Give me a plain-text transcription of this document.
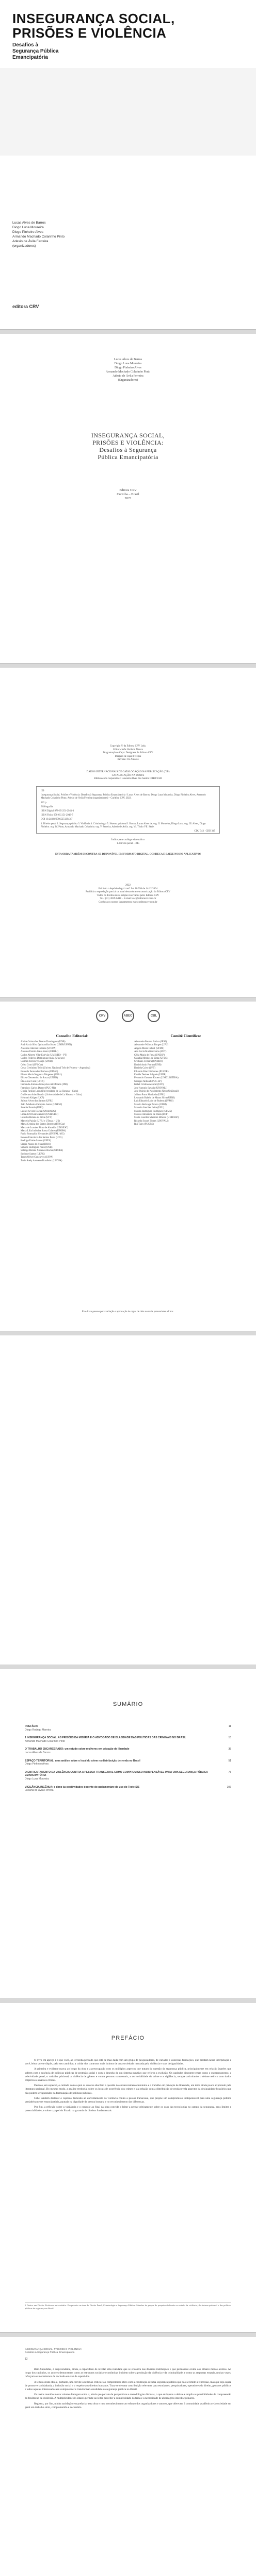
INSEGURANÇA SOCIAL,
PRISÕES E VIOLÊNCIA
Desafios à
Segurança Pública
Emancipatória
Lucas Alves de Barros
Diogo Luna Moureira
Diogo Pinheiro Alves
Armando Machado Colarinho Pinto
Adesio de Ávila Ferreira
(organizadores)
editora CRV
Lucas Alves de Barros
Diogo Luna Moureira
Diogo Pinheiro Alves
Armando Machado Colarinho Pinto
Adesio de Ávila Ferreira
(Organizadores)
INSEGURANÇA SOCIAL,
PRISÕES E VIOLÊNCIA:
Desafios à Segurança
Pública Emancipatória
Editora CRV
Curitiba – Brasil
2022
Copyright © da Editora CRV Ltda.
Editor-chefe: Railson Moura
Diagramação e Capa: Designers da Editora CRV
Imagem de capa: Freepik
Revisão: Os Autores
DADOS INTERNACIONAIS DE CATALOGAÇÃO NA PUBLICAÇÃO (CIP)
CATALOGAÇÃO NA FONTE
Bibliotecária responsável: Luzenira Alves dos Santos CRB9/1506

I59

Insegurança Social, Prisões e Violência: Desafios à Segurança Pública Emancipatória / Lucas Alves de Barros, Diogo Luna Moureira, Diogo Pinheiro Alves, Armando Machado Colarinho Pinto, Adesio de Ávila Ferreira (organizadores) – Curitiba: CRV, 2022.

122 p.

Bibliografia

ISBN Digital 978-65-251-2941-3

ISBN Físico 978-65-251-2943-7

DOI 10.24824/978652512943.7

1. Direito penal 2. Segurança pública 3. Violência 4. Criminologia 5. Sistema prisional I. Barros, Lucas Alves de. org. II. Moureira, Diogo Luna. org. III. Alves, Diogo Pinheiro. org. IV. Pinto, Armando Machado Colarinho. org. V. Ferreira, Adesio de Ávila. org. VI. Título VII. Série.

CDU 343 CDD 345

Índice para catálogo sistemático
1. Direito penal – 345
ESTA OBRA TAMBÉM ENCONTRA-SE DISPONÍVEL EM FORMATO DIGITAL. CONHEÇA E BAIXE NOSSO APLICATIVO!
2022
Foi feito o depósito legal conf. Lei 10.994 de 14/12/2004
Proibida a reprodução parcial ou total desta obra sem autorização da Editora CRV
Todos os direitos desta edição reservados pela: Editora CRV
Tel.: (41) 3039-6418 – E-mail: sac@editoracrv.com.br
Conheça os nossos lançamentos: www.editoracrv.com.br
CRV	ABEC	CBL
Conselho Editorial:
Aldira Guimarães Duarte Domínguez (UNB)
Andréia da Silva Quintanilha Sousa (UNIR/UFRN)
Anselmo Alencar Colares (UFOPA)
Antônio Pereira Gaio Júnior (UFRRJ)
Carlos Alberto Vilar Estêvão (UMINHO – PT)
Carlos Federico Dominguez Avila (Unieuro)
Carmen Tereza Velanga (UNIR)
Celso Conti (UFSCar)
Cesar Gerónimo Tello (Univer. Nacional Três de Febrero – Argentina)
Eduardo Fernandes Barbosa (UFMG)
Elione Maria Nogueira Diogenes (UFAL)
Elizeu Clementino de Souza (UNEB)
Élsio José Corá (UFFS)
Fernando Antônio Gonçalves Alcoforado (IPB)
Francisco Carlos Duarte (PUC-PR)
Gloria Fariñas León (Universidade de La Havana – Cuba)
Guillermo Arias Beatón (Universidade de La Havana – Cuba)
Helmuth Krüger (UCP)
Jailson Alves dos Santos (UFRJ)
João Adalberto Campato Junior (UNESP)
Josania Portela (UFPI)
Leonel Severo Rocha (UNISINOS)
Lídia de Oliveira Xavier (UNIEURO)
Lourdes Helena da Silva (UFV)
Marcelo Paixão (UFRJ e UTexas – US)
Maria Cristina dos Santos Bezerra (UFSCar)
Maria de Lourdes Pinto de Almeida (UNOESC)
Maria Lília Imbiriba Sousa Colares (UFOPA)
Paulo Romualdo Hernandes (UNIFAL-MG)
Renato Francisco dos Santos Paula (UFG)
Rodrigo Pratte-Santos (UFES)
Sérgio Nunes de Jesus (IFRO)
Simone Rodrigues Pinto (UNB)
Solange Helena Ximenes-Rocha (UFOPA)
Sydione Santos (UEPG)
Tadeu Oliver Gonçalves (UFPA)
Tania Suely Azevedo Brasileiro (UFOPA)
Comitê Científico:
Alexandre Pereira Batista (IFSP)
Alexandre Walmott Borges (UFU)
Angela Maria Cabral (UFMS)
Ana Lúcia Martins Gama (UFT)
Célia Maria de Faria (UNESP)
Claudia Mendes de Lima (UFES)
Cristiano Ferreira (UNIRIO)
Daniel Amin Ferraz (UNB)
Daniela Calvo (UFT)
Eduardo Biacchi Gomes (PUCPR)
Eneida Desiree Salgado (UFPR)
Fernando Gustavo Knoerr (UNICURITIBA)
Georges Abboud (PUC-SP)
Isabel Cristina Alencar (UFP)
José Antonio Savaris (UNIVALI)
José Osório do Nascimento Neto (UniBrasil)
Juliana Porto Machado (UFRJ)
Leonardo Rabelo de Matos Silva (UFRJ)
Luis Eduardo Lobo de Rubens (UFMS)
Marcio Berlanga Pereira (UFRJ)
Marcelo Sanches Leite (UEL)
Márcia Rodrigues Rodrigues (UFMS)
Marcos Alexandre de Paula (UFP)
Maria Lourdes Manzoni Ribeiro (UNIFESP)
Ricardo Scopel Torres (UNIVALI)
Rui Tales (PUCRS)
Este livro passou por avaliação e aprovação às cegas de dois ou mais pareceristas ad hoc.
SUMÁRIO
PREFÁCIO
Diogo Rodrigo Moreira
11
1 INSEGURANÇA SOCIAL, AS PRISÕES DA MISÉRIA E O ADVOGADO DE BLASIDADE DAS POLÍTICAS DAS CRIMINAIS NO BRASIL
Armando Machado Colarinho Pinto
15
O TRABALHO ENCARCERADO: um estudo sobre mulheres em privação de liberdade
Lucas Alves de Barros
35
ESPAÇO TERRITORIAL: uma análise sobre o local do crime na distribuição de renda no Brasil
Diogo Pinheiro Alves
51
O ENFRENTAMENTO DA VIOLÊNCIA CONTRA A PESSOA TRANSEXUAL COMO COMPROMISSO INDISPENSÁVEL PARA UMA SEGURANÇA PÚBLICA EMANCIPATÓRIA
Diogo Luna Moureira
73
VIGILÂNCIA INGÊNUA: o dano às positividades docente do parlamentare de uso do Teste SIS
Luciana de Ávila Ferreira
107
PREFÁCIO

O livro em apreço é o que você, ao ler tenha pensado que está de mão dada com um grupo de pesquisadores, de variadas e valorosas formações, que prestam nessa interpelação a você, leitor que se dispôs, pelo seu caminhar, a cuidar dos contextos mais íntimos de uma sociedade marcada pela violência e suas desigualdades.

A primeira e evidente marca ao longo da obra é a preocupação com os múltiplos aspectos que tratam da questão da segurança pública, principalmente em relação àqueles que sofrem com a ausência de políticas públicas de proteção social e com o desenho de um sistema punitivo que reforça a exclusão. Os capítulos discutem temas como o encarceramento, a seletividade penal, o trabalho prisional, a violência de gênero e contra pessoas transexuais, a territorialidade do crime e a vigilância, sempre articulando o debate teórico com dados empíricos e análises críticas.

Destaco, em especial, o cuidado com o qual os autores abordam a questão do encarceramento feminino e o trabalho em privação de liberdade, um tema ainda pouco explorado pela literatura nacional. Do mesmo modo, a análise territorial sobre os locais de ocorrência dos crimes e sua relação com a distribuição de renda revela aspectos da desigualdade brasileira que não podem ser ignorados na formulação de políticas públicas.

Cabe também destacar o capítulo dedicado ao enfrentamento da violência contra a pessoa transexual, que propõe um compromisso indispensável para uma segurança pública verdadeiramente emancipatória, pautada na dignidade da pessoa humana e no reconhecimento das diferenças.

Por fim, a reflexão sobre a vigilância e o controle ao final da obra convida o leitor a pensar criticamente sobre os usos das tecnologias no campo da segurança, seus limites e potencialidades, e sobre o papel do Estado na garantia de direitos fundamentais.

1 Doutor em Direito. Professor universitário. Pesquisador na área de Direito Penal, Criminologia e Segurança Pública. Membro de grupos de pesquisa dedicados ao estudo da violência, do sistema prisional e das políticas públicas de segurança no Brasil.
INSEGURANÇA SOCIAL, PRISÕES E VIOLÊNCIA:
Desafios à Segurança Pública Emancipatória
12

Bem-Sucedidas, é surpreendente, ainda, a capacidade de revelar uma realidade que se encontra nas diversas instituições e que permanece oculta aos olhares menos atentos. Ao longo dos capítulos, os autores demonstram como as estruturas sociais e econômicas incidem sobre a produção da violência e da criminalidade, e como as respostas estatais, muitas vezes, reforçam os mecanismos de exclusão em vez de superá-los.

A leitura desta obra é, portanto, um convite à reflexão crítica e ao compromisso ético com a construção de uma segurança pública que não se limite à repressão, mas que seja capaz de promover a cidadania, a inclusão social e o respeito aos direitos humanos. Trata-se de uma contribuição relevante para estudantes, pesquisadores, operadores do direito, gestores públicos e todos aqueles interessados em compreender e transformar a realidade da segurança pública no Brasil.

Os textos reunidos neste volume dialogam entre si, ainda que partam de perspectivas e metodologias distintas, o que enriquece o debate e amplia as possibilidades de compreensão do fenômeno da violência. A multiplicidade de olhares permite ao leitor perceber a complexidade do tema e a necessidade de abordagens interdisciplinares.

Registro, por fim, minha satisfação em prefaciar esta obra e meu reconhecimento ao esforço dos organizadores e autores, que oferecem à comunidade acadêmica e à sociedade em geral um trabalho sério, comprometido e necessário.
